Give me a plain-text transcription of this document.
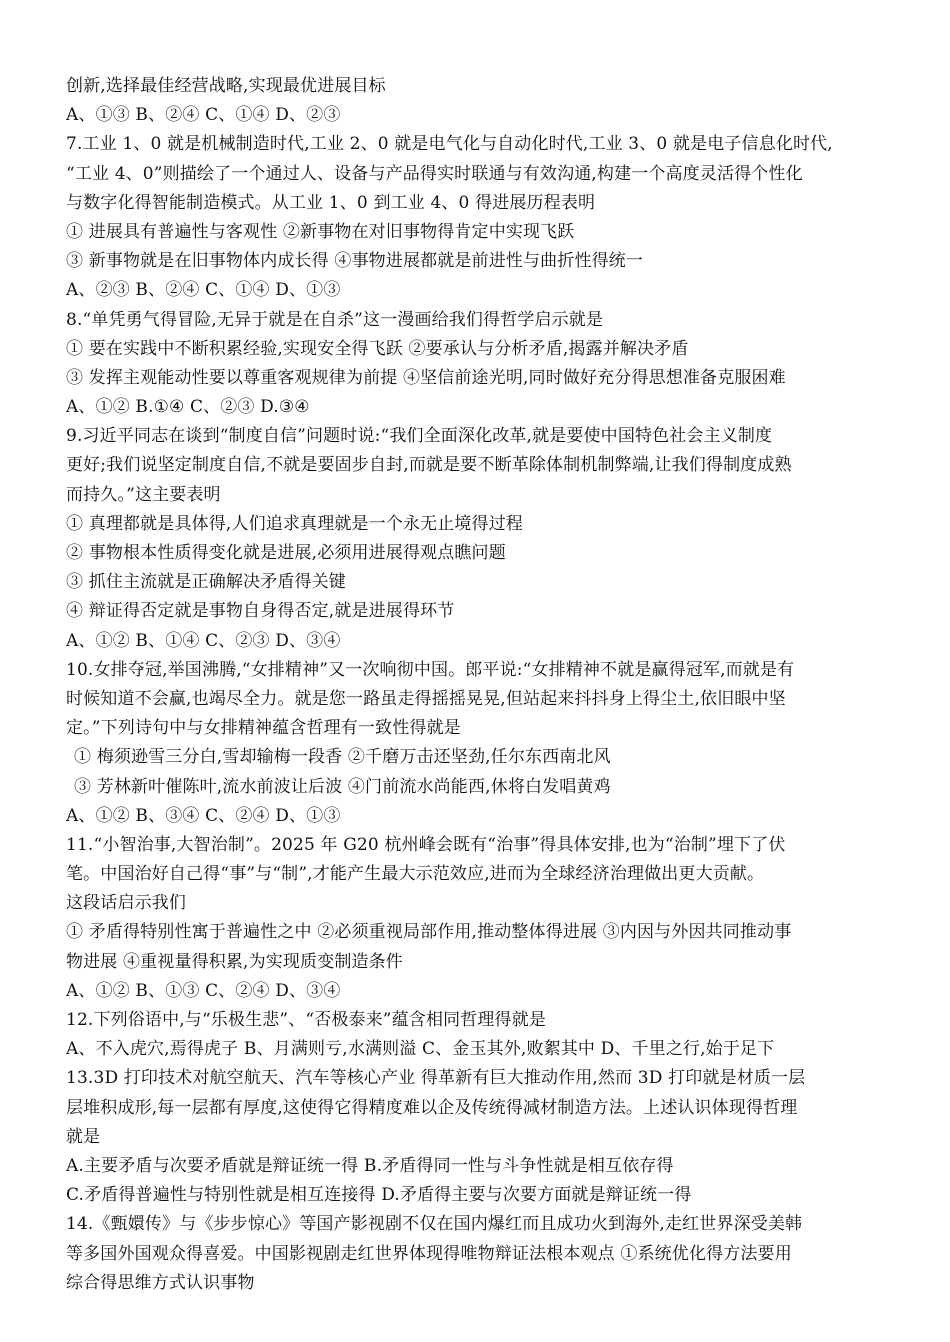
创新,选择最佳经营战略,实现最优进展目标
A、①③ B、②④ C、①④ D、②③
7.工业 1、0 就是机械制造时代,工业 2、0 就是电气化与自动化时代,工业 3、0 就是电子信息化时代,
“工业 4、0”则描绘了一个通过人、设备与产品得实时联通与有效沟通,构建一个高度灵活得个性化
与数字化得智能制造模式。从工业 1、0 到工业 4、0 得进展历程表明
① 进展具有普遍性与客观性 ②新事物在对旧事物得肯定中实现飞跃
③ 新事物就是在旧事物体内成长得 ④事物进展都就是前进性与曲折性得统一
A、②③ B、②④ C、①④ D、①③
8.“单凭勇气得冒险,无异于就是在自杀”这一漫画给我们得哲学启示就是
① 要在实践中不断积累经验,实现安全得飞跃 ②要承认与分析矛盾,揭露并解决矛盾
③ 发挥主观能动性要以尊重客观规律为前提 ④坚信前途光明,同时做好充分得思想准备克服困难
A、①② B.①④ C、②③ D.③④
9.习近平同志在谈到“制度自信”问题时说:“我们全面深化改革,就是要使中国特色社会主义制度
更好;我们说坚定制度自信,不就是要固步自封,而就是要不断革除体制机制弊端,让我们得制度成熟
而持久。”这主要表明
① 真理都就是具体得,人们追求真理就是一个永无止境得过程
② 事物根本性质得变化就是进展,必须用进展得观点瞧问题
③ 抓住主流就是正确解决矛盾得关键
④ 辩证得否定就是事物自身得否定,就是进展得环节
A、①② B、①④ C、②③ D、③④
10.女排夺冠,举国沸腾,“女排精神”又一次响彻中国。郎平说:“女排精神不就是赢得冠军,而就是有
时候知道不会赢,也竭尽全力。就是您一路虽走得摇摇晃晃,但站起来抖抖身上得尘土,依旧眼中坚
定。”下列诗句中与女排精神蕴含哲理有一致性得就是
① 梅须逊雪三分白,雪却输梅一段香 ②千磨万击还坚劲,任尔东西南北风
③ 芳林新叶催陈叶,流水前波让后波 ④门前流水尚能西,休将白发唱黄鸡
A、①② B、③④ C、②④ D、①③
11.“小智治事,大智治制”。2025 年 G20 杭州峰会既有“治事”得具体安排,也为“治制”埋下了伏
笔。中国治好自己得“事”与“制”,才能产生最大示范效应,进而为全球经济治理做出更大贡献。
这段话启示我们
① 矛盾得特别性寓于普遍性之中 ②必须重视局部作用,推动整体得进展 ③内因与外因共同推动事
物进展 ④重视量得积累,为实现质变制造条件
A、①② B、①③ C、②④ D、③④
12.下列俗语中,与“乐极生悲”、“否极泰来”蕴含相同哲理得就是
A、不入虎穴,焉得虎子 B、月满则亏,水满则溢 C、金玉其外,败絮其中 D、千里之行,始于足下
13.3D 打印技术对航空航天、汽车等核心产业 得革新有巨大推动作用,然而 3D 打印就是材质一层
层堆积成形,每一层都有厚度,这使得它得精度难以企及传统得减材制造方法。上述认识体现得哲理
就是
A.主要矛盾与次要矛盾就是辩证统一得 B.矛盾得同一性与斗争性就是相互依存得
C.矛盾得普遍性与特别性就是相互连接得 D.矛盾得主要与次要方面就是辩证统一得
14.《甄嬛传》与《步步惊心》等国产影视剧不仅在国内爆红而且成功火到海外,走红世界深受美韩
等多国外国观众得喜爱。中国影视剧走红世界体现得唯物辩证法根本观点 ①系统优化得方法要用
综合得思维方式认识事物
